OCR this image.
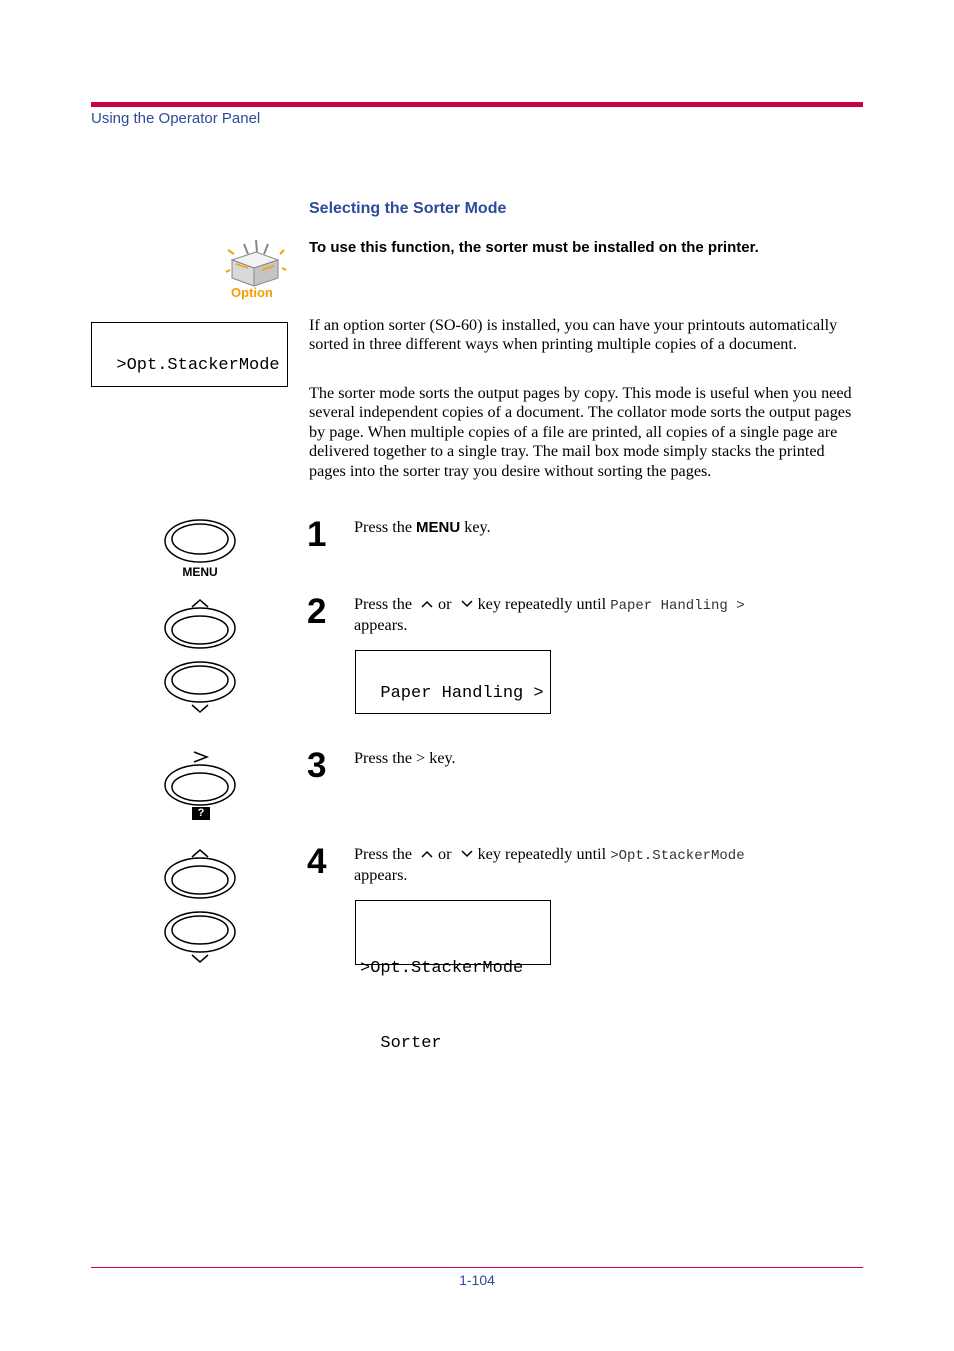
Using the Operator Panel
Selecting the Sorter Mode
Option
To use this function, the sorter must be installed on the printer.

>Opt.StackerMode

If an option sorter (SO-60) is installed, you can have your printouts automatically sorted in three different ways when printing multiple copies of a document.

The sorter mode sorts the output pages by copy. This mode is useful when you need several independent copies of a document. The collator mode sorts the output pages by page. When multiple copies of a file are printed, all copies of a single page are delivered together to a single tray. The mail box mode simply stacks the printed pages into the sorter tray you desire without sorting the pages.

MENU
1 Press the MENU key.
2 Press the or key repeatedly until Paper Handling >
appears.

Paper Handling >

?
3 Press the > key.
4 Press the or key repeatedly until >Opt.StackerMode
appears.

>Opt.StackerMode

Sorter

1-104
